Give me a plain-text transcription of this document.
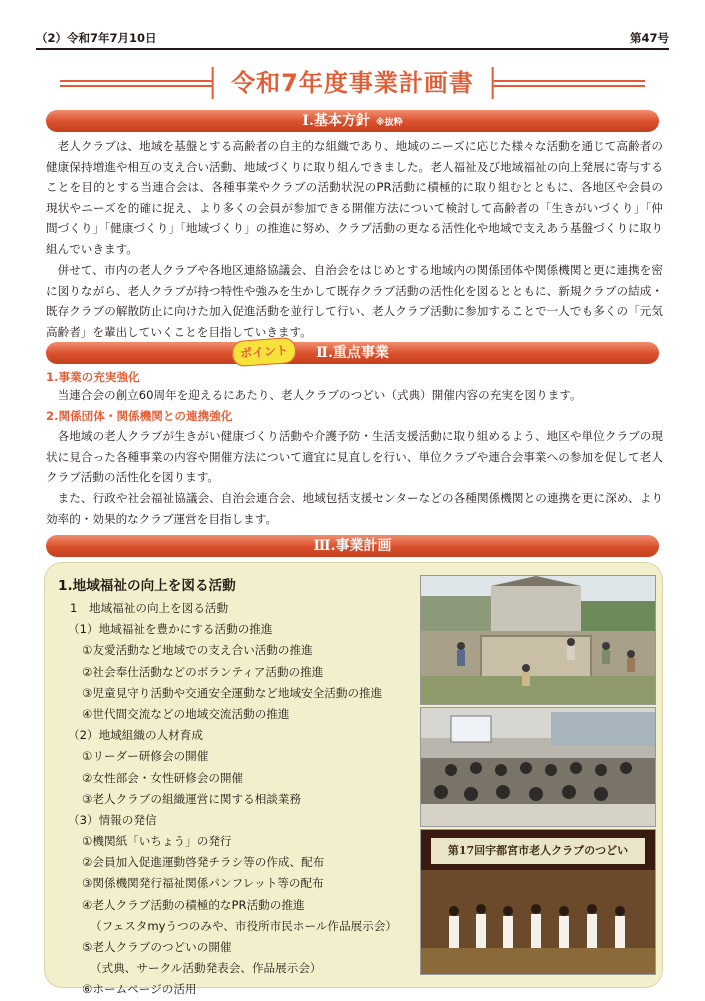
（2）令和7年7月10日	第47号
令和7年度事業計画書
Ⅰ.基本方針 ※抜粋

老人クラブは、地域を基盤とする高齢者の自主的な組織であり、地域のニーズに応じた様々な活動を通じて高齢者の健康保持増進や相互の支え合い活動、地域づくりに取り組んできました。老人福祉及び地域福祉の向上発展に寄与することを目的とする当連合会は、各種事業やクラブの活動状況のPR活動に積極的に取り組むとともに、各地区や会員の現状やニーズを的確に捉え、より多くの会員が参加できる開催方法について検討して高齢者の「生きがいづくり」「仲間づくり」「健康づくり」「地域づくり」の推進に努め、クラブ活動の更なる活性化や地域で支えあう基盤づくりに取り組んでいきます。

併せて、市内の老人クラブや各地区連絡協議会、自治会をはじめとする地域内の関係団体や関係機関と更に連携を密に図りながら、老人クラブが持つ特性や強みを生かして既存クラブ活動の活性化を図るとともに、新規クラブの結成・既存クラブの解散防止に向けた加入促進活動を並行して行い、老人クラブ活動に参加することで一人でも多くの「元気高齢者」を輩出していくことを目指していきます。

ポイント	Ⅱ.重点事業
1.事業の充実強化

当連合会の創立60周年を迎えるにあたり、老人クラブのつどい（式典）開催内容の充実を図ります。

2.関係団体・関係機関との連携強化

各地域の老人クラブが生きがい健康づくり活動や介護予防・生活支援活動に取り組めるよう、地区や単位クラブの現状に見合った各種事業の内容や開催方法について適宜に見直しを行い、単位クラブや連合会事業への参加を促して老人クラブ活動の活性化を図ります。

また、行政や社会福祉協議会、自治会連合会、地域包括支援センターなどの各種関係機関との連携を更に深め、より効率的・効果的なクラブ運営を目指します。

Ⅲ.事業計画
1.地域福祉の向上を図る活動
1　地域福祉の向上を図る活動
（1）地域福祉を豊かにする活動の推進
①友愛活動など地域での支え合い活動の推進
②社会奉仕活動などのボランティア活動の推進
③児童見守り活動や交通安全運動など地域安全活動の推進
④世代間交流などの地域交流活動の推進
（2）地域組織の人材育成
①リーダー研修会の開催
②女性部会・女性研修会の開催
③老人クラブの組織運営に関する相談業務
（3）情報の発信
①機関紙「いちょう」の発行
②会員加入促進運動啓発チラシ等の作成、配布
③関係機関発行福祉関係パンフレット等の配布
④老人クラブ活動の積極的なPR活動の推進
（フェスタmyうつのみや、市役所市民ホール作品展示会）
⑤老人クラブのつどいの開催
（式典、サークル活動発表会、作品展示会）
⑥ホームページの活用
第17回宇都宮市老人クラブのつどい
